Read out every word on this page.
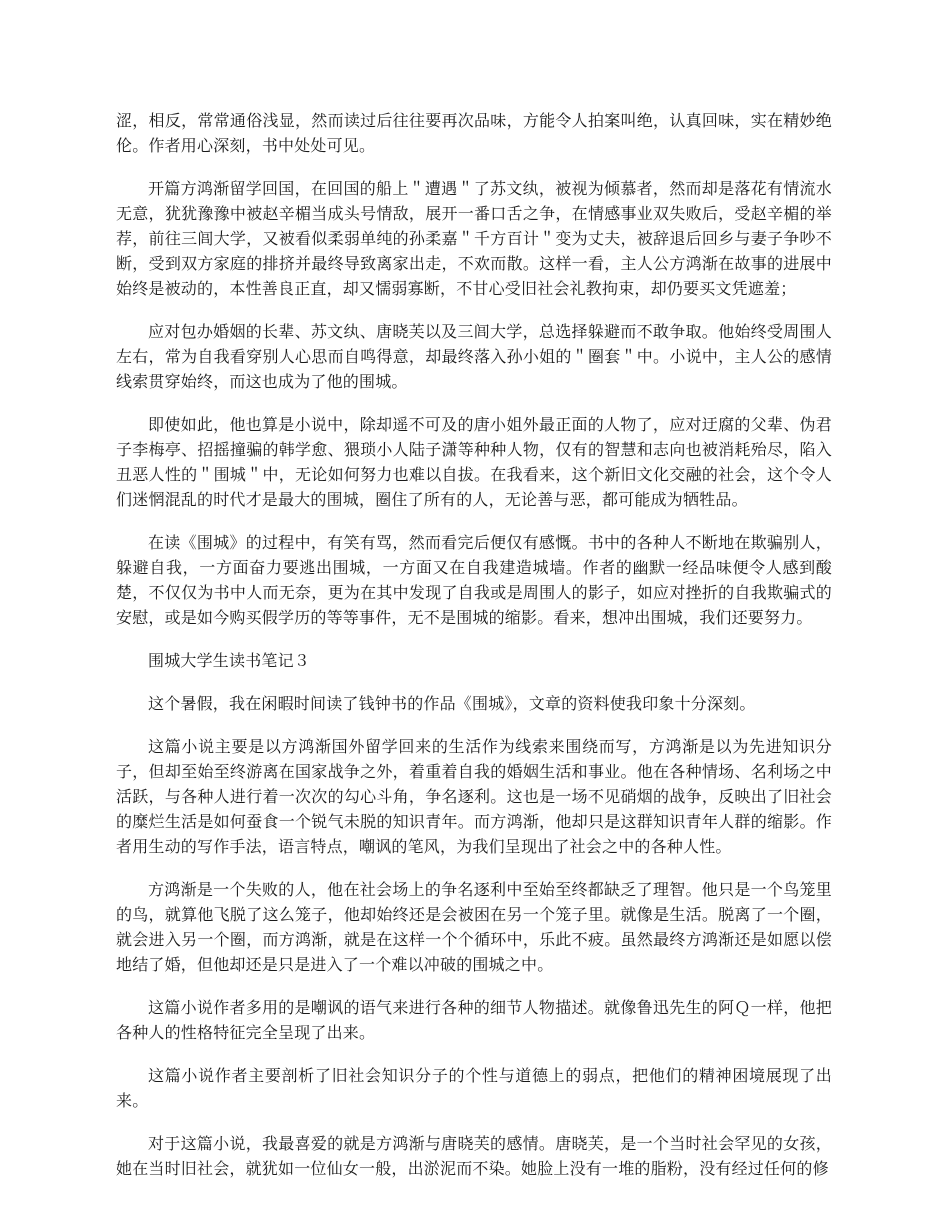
涩，相反，常常通俗浅显，然而读过后往往要再次品味，方能令人拍案叫绝，认真回味，实在精妙绝伦。作者用心深刻，书中处处可见。

开篇方鸿渐留学回国，在回国的船上＂遭遇＂了苏文纨，被视为倾慕者，然而却是落花有情流水无意，犹犹豫豫中被赵辛楣当成头号情敌，展开一番口舌之争，在情感事业双失败后，受赵辛楣的举荐，前往三闾大学，又被看似柔弱单纯的孙柔嘉＂千方百计＂变为丈夫，被辞退后回乡与妻子争吵不断，受到双方家庭的排挤并最终导致离家出走，不欢而散。这样一看，主人公方鸿渐在故事的进展中始终是被动的，本性善良正直，却又懦弱寡断，不甘心受旧社会礼教拘束，却仍要买文凭遮羞；

应对包办婚姻的长辈、苏文纨、唐晓芙以及三闾大学，总选择躲避而不敢争取。他始终受周围人左右，常为自我看穿别人心思而自鸣得意，却最终落入孙小姐的＂圈套＂中。小说中，主人公的感情线索贯穿始终，而这也成为了他的围城。

即使如此，他也算是小说中，除却遥不可及的唐小姐外最正面的人物了，应对迂腐的父辈、伪君子李梅亭、招摇撞骗的韩学愈、猥琐小人陆子潇等种种人物，仅有的智慧和志向也被消耗殆尽，陷入丑恶人性的＂围城＂中，无论如何努力也难以自拔。在我看来，这个新旧文化交融的社会，这个令人们迷惘混乱的时代才是最大的围城，圈住了所有的人，无论善与恶，都可能成为牺牲品。

在读《围城》的过程中，有笑有骂，然而看完后便仅有感慨。书中的各种人不断地在欺骗别人，躲避自我，一方面奋力要逃出围城，一方面又在自我建造城墙。作者的幽默一经品味便令人感到酸楚，不仅仅为书中人而无奈，更为在其中发现了自我或是周围人的影子，如应对挫折的自我欺骗式的安慰，或是如今购买假学历的等等事件，无不是围城的缩影。看来，想冲出围城，我们还要努力。

围城大学生读书笔记３

这个暑假，我在闲暇时间读了钱钟书的作品《围城》，文章的资料使我印象十分深刻。

这篇小说主要是以方鸿渐国外留学回来的生活作为线索来围绕而写，方鸿渐是以为先进知识分子，但却至始至终游离在国家战争之外，着重着自我的婚姻生活和事业。他在各种情场、名利场之中活跃，与各种人进行着一次次的勾心斗角，争名逐利。这也是一场不见硝烟的战争，反映出了旧社会的糜烂生活是如何蚕食一个锐气未脱的知识青年。而方鸿渐，他却只是这群知识青年人群的缩影。作者用生动的写作手法，语言特点，嘲讽的笔风，为我们呈现出了社会之中的各种人性。

方鸿渐是一个失败的人，他在社会场上的争名逐利中至始至终都缺乏了理智。他只是一个鸟笼里的鸟，就算他飞脱了这么笼子，他却始终还是会被困在另一个笼子里。就像是生活。脱离了一个圈，就会进入另一个圈，而方鸿渐，就是在这样一个个循环中，乐此不疲。虽然最终方鸿渐还是如愿以偿地结了婚，但他却还是只是进入了一个难以冲破的围城之中。

这篇小说作者多用的是嘲讽的语气来进行各种的细节人物描述。就像鲁迅先生的阿Ｑ一样，他把各种人的性格特征完全呈现了出来。

这篇小说作者主要剖析了旧社会知识分子的个性与道德上的弱点，把他们的精神困境展现了出来。

对于这篇小说，我最喜爱的就是方鸿渐与唐晓芙的感情。唐晓芙，是一个当时社会罕见的女孩，她在当时旧社会，就犹如一位仙女一般，出淤泥而不染。她脸上没有一堆的脂粉，没有经过任何的修
